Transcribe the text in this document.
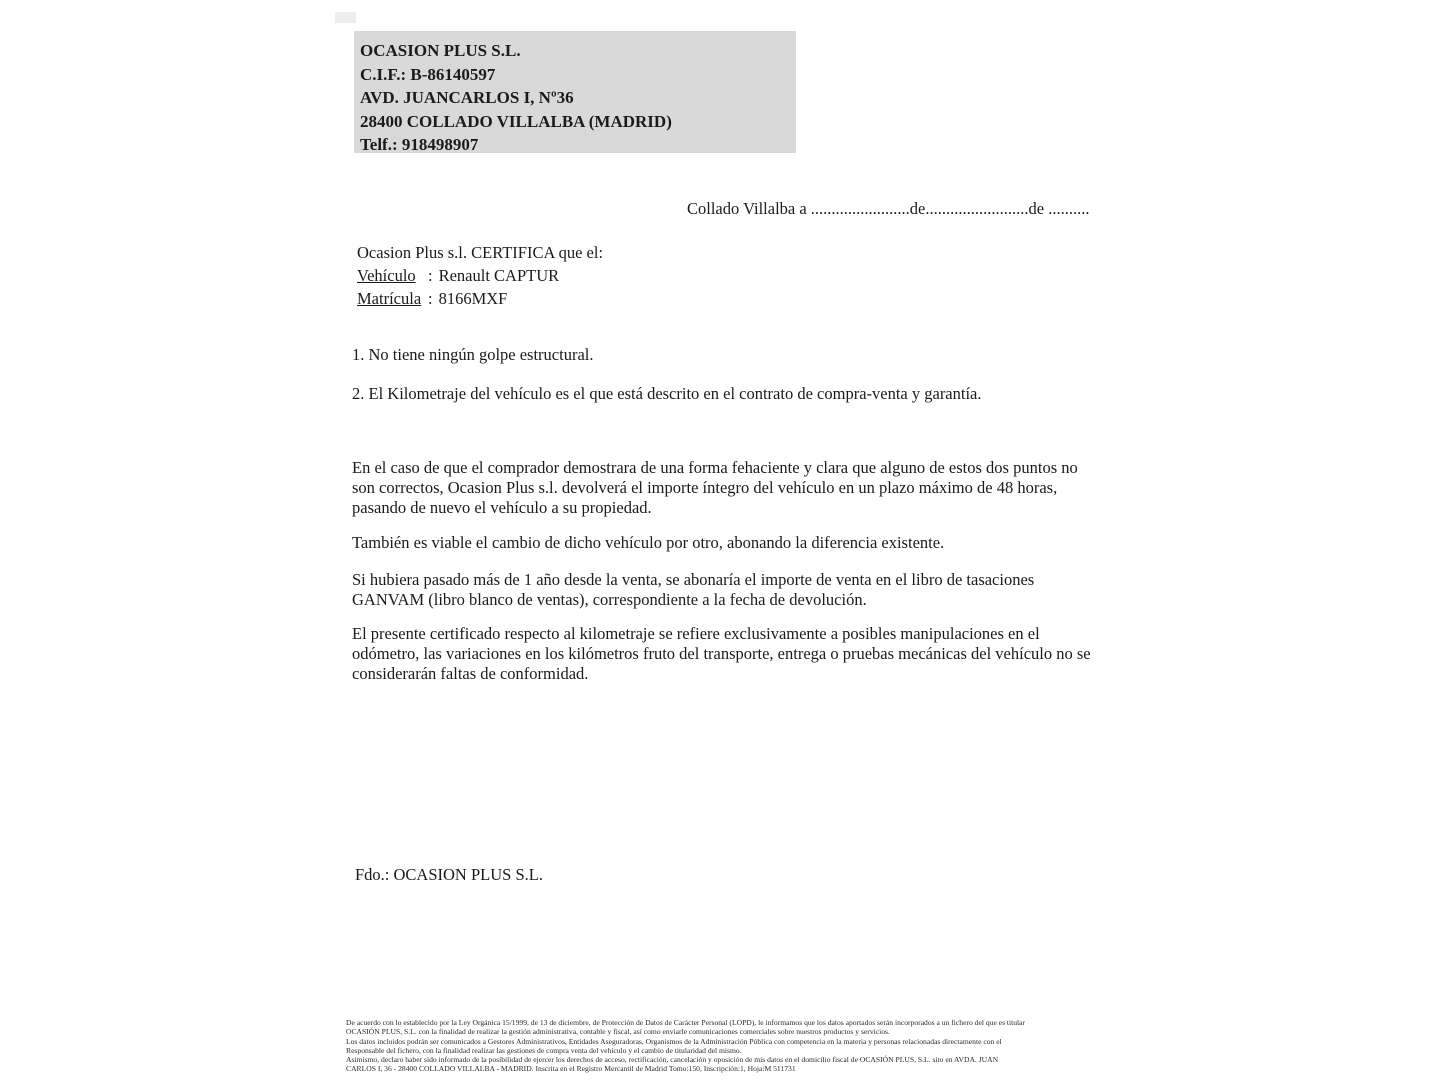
OCASION PLUS S.L.
C.I.F.: B-86140597
AVD. JUANCARLOS I, Nº36
28400 COLLADO VILLALBA (MADRID)
Telf.: 918498907
Collado Villalba a ........................de.........................de ..........
Ocasion Plus s.l. CERTIFICA que el:
Vehículo : Renault CAPTUR
Matrícula : 8166MXF
1. No tiene ningún golpe estructural.
2. El Kilometraje del vehículo es el que está descrito en el contrato de compra-venta y garantía.
En el caso de que el comprador demostrara de una forma fehaciente y clara que alguno de estos dos puntos no son correctos, Ocasion Plus s.l. devolverá el importe íntegro del vehículo en un plazo máximo de 48 horas, pasando de nuevo el vehículo a su propiedad.
También es viable el cambio de dicho vehículo por otro, abonando la diferencia existente.
Si hubiera pasado más de 1 año desde la venta, se abonaría el importe de venta en el libro de tasaciones GANVAM (libro blanco de ventas), correspondiente a la fecha de devolución.
El presente certificado respecto al kilometraje se refiere exclusivamente a posibles manipulaciones en el odómetro, las variaciones en los kilómetros fruto del transporte, entrega o pruebas mecánicas del vehículo no se considerarán faltas de conformidad.
Fdo.: OCASION PLUS S.L.
De acuerdo con lo establecido por la Ley Orgánica 15/1999, de 13 de diciembre, de Protección de Datos de Carácter Personal (LOPD), le informamos que los datos aportados serán incorporados a un fichero del que es titular
OCASIÓN PLUS, S.L. con la finalidad de realizar la gestión administrativa, contable y fiscal, así como enviarle comunicaciones comerciales sobre nuestros productos y servicios.
Los datos incluidos podrán ser comunicados a Gestores Administrativos, Entidades Aseguradoras, Organismos de la Administración Pública con competencia en la materia y personas relacionadas directamente con el
Responsable del fichero, con la finalidad realizar las gestiones de compra venta del vehículo y el cambio de titularidad del mismo.
Asimismo, declaro haber sido informado de la posibilidad de ejercer los derechos de acceso, rectificación, cancelación y oposición de mis datos en el domicilio fiscal de OCASIÓN PLUS, S.L. sito en AVDA. JUAN
CARLOS I, 36 - 28400 COLLADO VILLALBA - MADRID. Inscrita en el Registro Mercantil de Madrid Tomo:150, Inscripción:1, Hoja:M 511731
